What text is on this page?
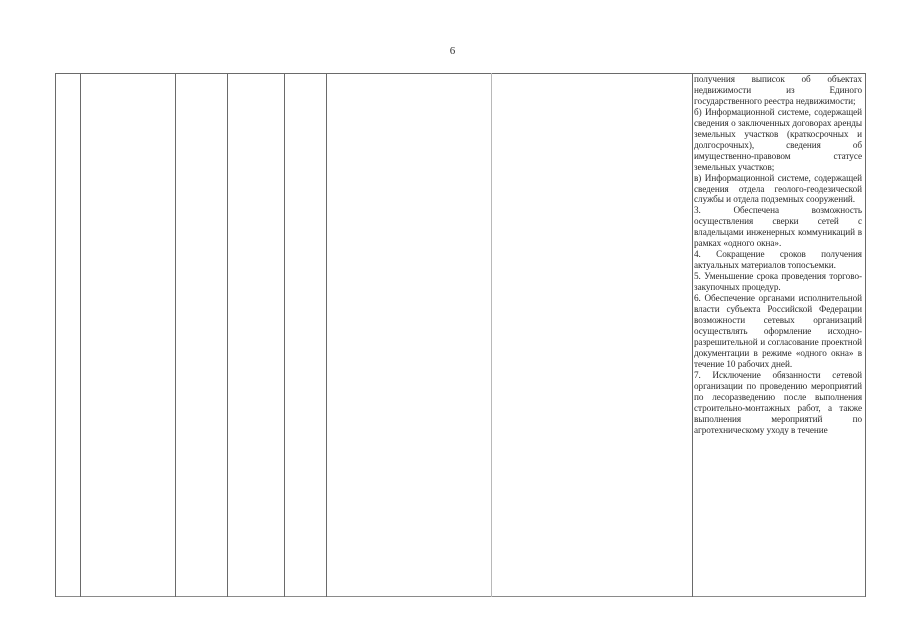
6

получения выписок об объектах недвижимости из Единого государственного реестра недвижимости;

б) Информационной системе, содержащей сведения о заключенных договорах аренды земельных участков (краткосрочных и долгосрочных), сведения об имущественно-правовом статусе земельных участков;

в) Информационной системе, содержащей сведения отдела геолого-геодезической службы и отдела подземных сооружений.

3. Обеспечена возможность осуществления сверки сетей с владельцами инженерных коммуникаций в рамках «одного окна».

4. Сокращение сроков получения актуальных материалов топосъемки.

5. Уменьшение срока проведения торгово-закупочных процедур.

6. Обеспечение органами исполнительной власти субъекта Российской Федерации возможности сетевых организаций осуществлять оформление исходно-разрешительной и согласование проектной документации в режиме «одного окна» в течение 10 рабочих дней.

7. Исключение обязанности сетевой организации по проведению мероприятий по лесоразведению после выполнения строительно-монтажных работ, а также выполнения мероприятий по агротехническому уходу в течение
